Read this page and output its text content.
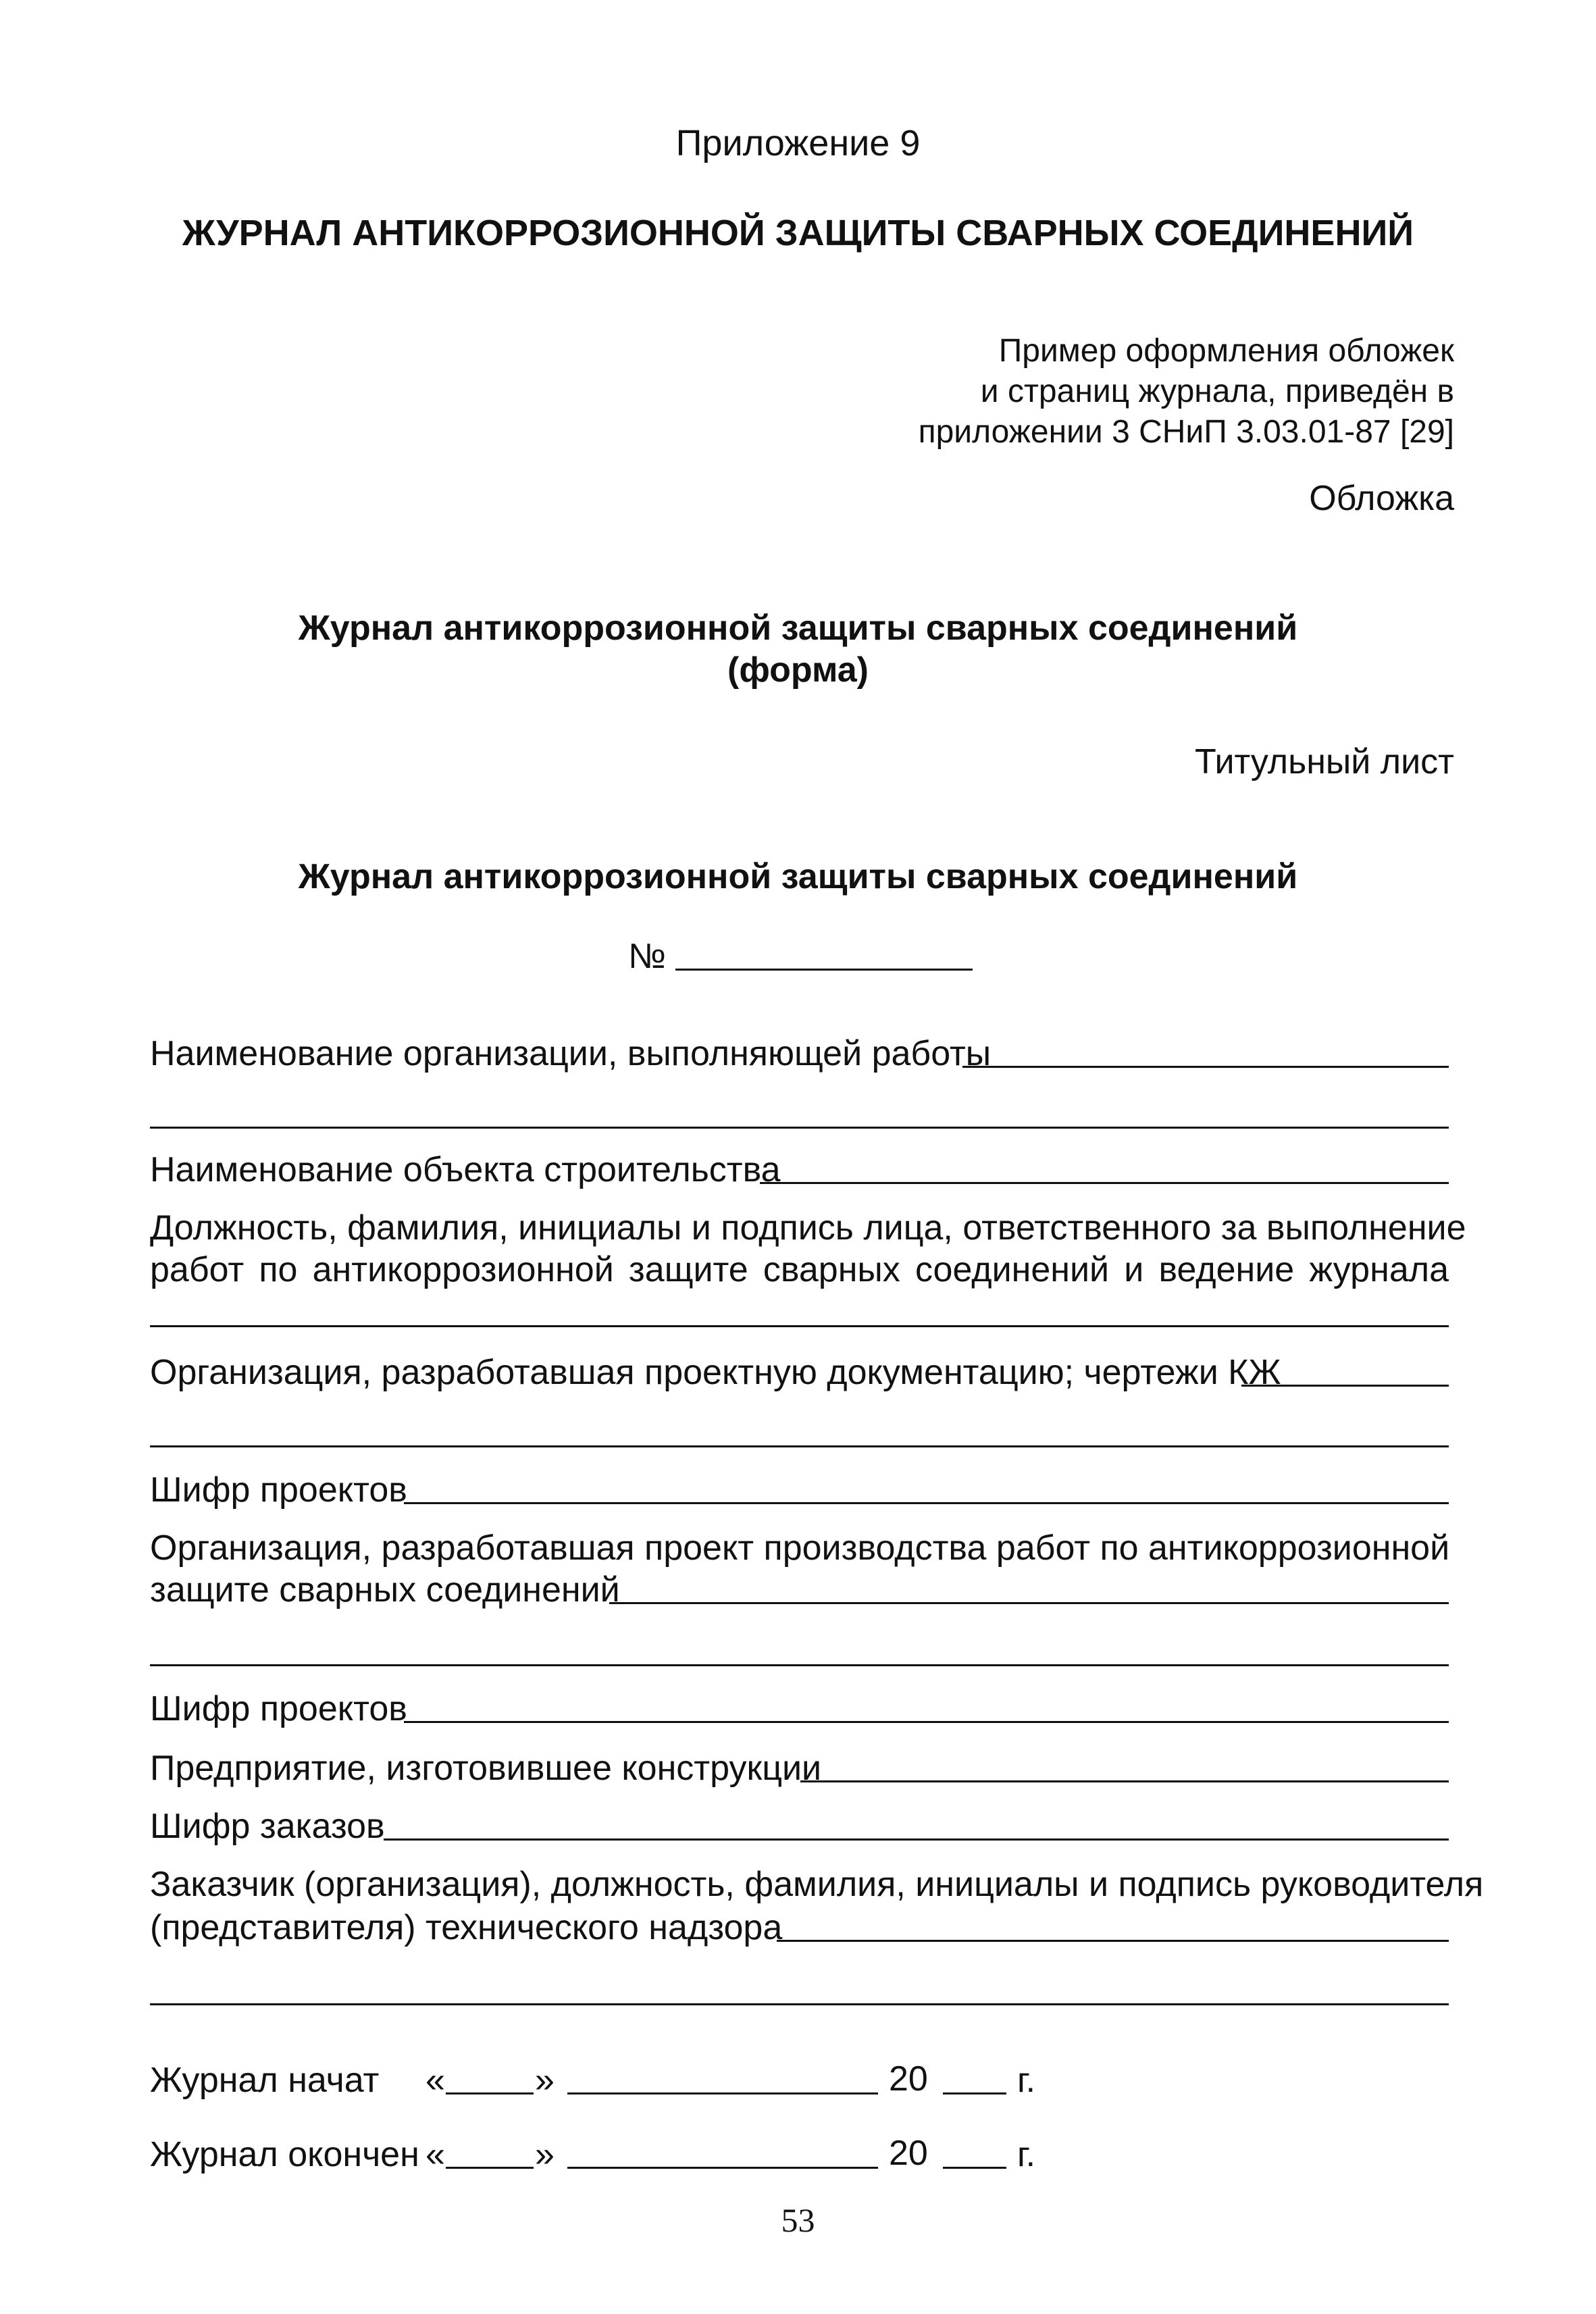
Приложение 9
ЖУРНАЛ АНТИКОРРОЗИОННОЙ ЗАЩИТЫ СВАРНЫХ СОЕДИНЕНИЙ
Пример оформления обложек
и страниц журнала, приведён в
приложении 3 СНиП 3.03.01-87 [29]
Обложка
Журнал антикоррозионной защиты сварных соединений
(форма)
Титульный лист
Журнал антикоррозионной защиты сварных соединений
№
Наименование организации, выполняющей работы
Наименование объекта строительства
Должность, фамилия, инициалы и подпись лица, ответственного за выполнение
работ по антикоррозионной защите сварных соединений и ведение журнала
Организация, разработавшая проектную документацию; чертежи КЖ
Шифр проектов
Организация, разработавшая проект производства работ по антикоррозионной
защите сварных соединений
Шифр проектов
Предприятие, изготовившее конструкции
Шифр заказов
Заказчик (организация), должность, фамилия, инициалы и подпись руководителя
(представителя) технического надзора
Журнал начат «	»	20	г.
Журнал окончен «	»	20	г.
53
